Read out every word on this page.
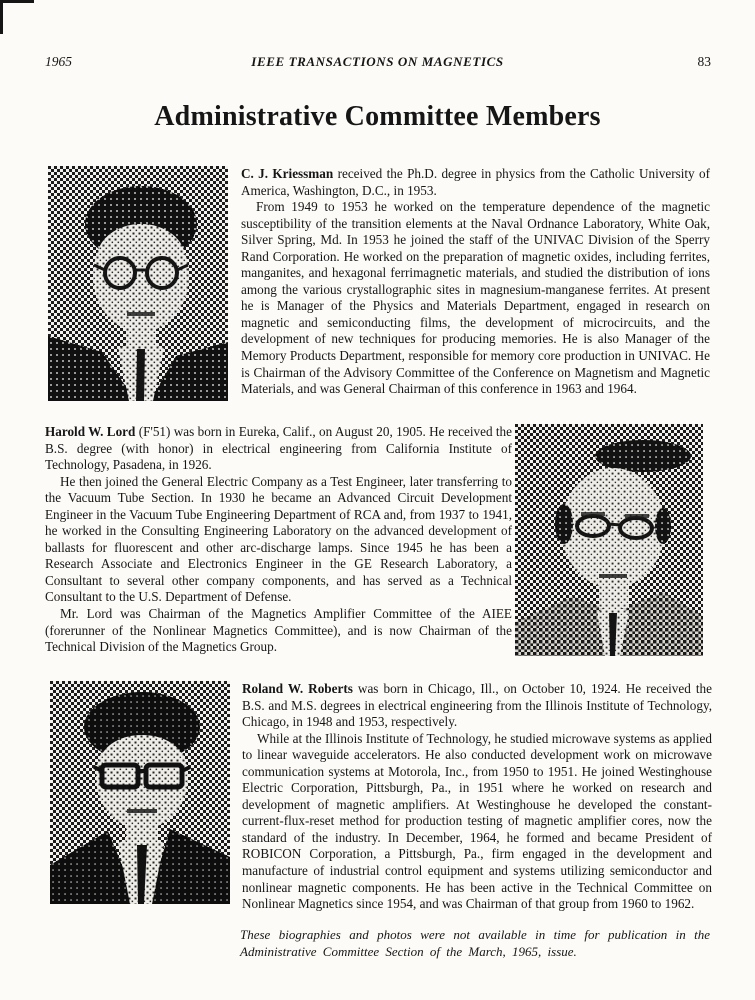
1965	IEEE TRANSACTIONS ON MAGNETICS	83
Administrative Committee Members

C. J. Kriessman received the Ph.D. degree in physics from the Catholic University of America, Washington, D.C., in 1953.

From 1949 to 1953 he worked on the temperature dependence of the magnetic susceptibility of the transition elements at the Naval Ordnance Laboratory, White Oak, Silver Spring, Md. In 1953 he joined the staff of the UNIVAC Division of the Sperry Rand Corporation. He worked on the preparation of magnetic oxides, including ferrites, manganites, and hexagonal ferrimagnetic materials, and studied the distribution of ions among the various crystallographic sites in magnesium-manganese ferrites. At present he is Manager of the Physics and Materials Department, engaged in research on magnetic and semiconducting films, the development of microcircuits, and the development of new techniques for producing memories. He is also Manager of the Memory Products Department, responsible for memory core production in UNIVAC. He is Chairman of the Advisory Committee of the Conference on Magnetism and Magnetic Materials, and was General Chairman of this conference in 1963 and 1964.

Harold W. Lord (F'51) was born in Eureka, Calif., on August 20, 1905. He received the B.S. degree (with honor) in electrical engineering from California Institute of Technology, Pasadena, in 1926.

He then joined the General Electric Company as a Test Engineer, later transferring to the Vacuum Tube Section. In 1930 he became an Advanced Circuit Development Engineer in the Vacuum Tube Engineering Department of RCA and, from 1937 to 1941, he worked in the Consulting Engineering Laboratory on the advanced development of ballasts for fluorescent and other arc-discharge lamps. Since 1945 he has been a Research Associate and Electronics Engineer in the GE Research Laboratory, a Consultant to several other company components, and has served as a Technical Consultant to the U.S. Department of Defense.

Mr. Lord was Chairman of the Magnetics Amplifier Committee of the AIEE (forerunner of the Nonlinear Magnetics Committee), and is now Chairman of the Technical Division of the Magnetics Group.

Roland W. Roberts was born in Chicago, Ill., on October 10, 1924. He received the B.S. and M.S. degrees in electrical engineering from the Illinois Institute of Technology, Chicago, in 1948 and 1953, respectively.

While at the Illinois Institute of Technology, he studied microwave systems as applied to linear waveguide accelerators. He also conducted development work on microwave communication systems at Motorola, Inc., from 1950 to 1951. He joined Westinghouse Electric Corporation, Pittsburgh, Pa., in 1951 where he worked on research and development of magnetic amplifiers. At Westinghouse he developed the constant-current-flux-reset method for production testing of magnetic amplifier cores, now the standard of the industry. In December, 1964, he formed and became President of ROBICON Corporation, a Pittsburgh, Pa., firm engaged in the development and manufacture of industrial control equipment and systems utilizing semiconductor and nonlinear magnetic components. He has been active in the Technical Committee on Nonlinear Magnetics since 1954, and was Chairman of that group from 1960 to 1962.

These biographies and photos were not available in time for publication in the Administrative Committee Section of the March, 1965, issue.
